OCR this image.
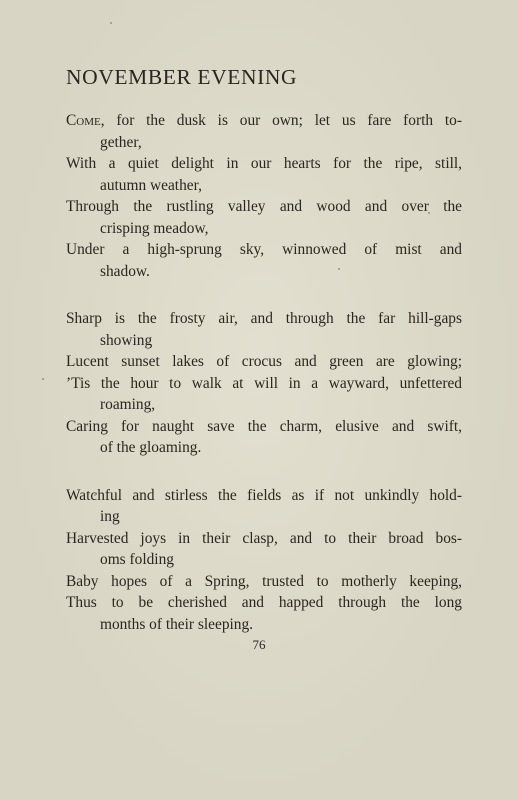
NOVEMBER EVENING
Come, for the dusk is our own; let us fare forth to-
gether,
With a quiet delight in our hearts for the ripe, still,
autumn weather,
Through the rustling valley and wood and over the
crisping meadow,
Under a high-sprung sky, winnowed of mist and
shadow.
Sharp is the frosty air, and through the far hill-gaps
showing
Lucent sunset lakes of crocus and green are glowing;
’Tis the hour to walk at will in a wayward, unfettered
roaming,
Caring for naught save the charm, elusive and swift,
of the gloaming.
Watchful and stirless the fields as if not unkindly hold-
ing
Harvested joys in their clasp, and to their broad bos-
oms folding
Baby hopes of a Spring, trusted to motherly keeping,
Thus to be cherished and happed through the long
months of their sleeping.
76
